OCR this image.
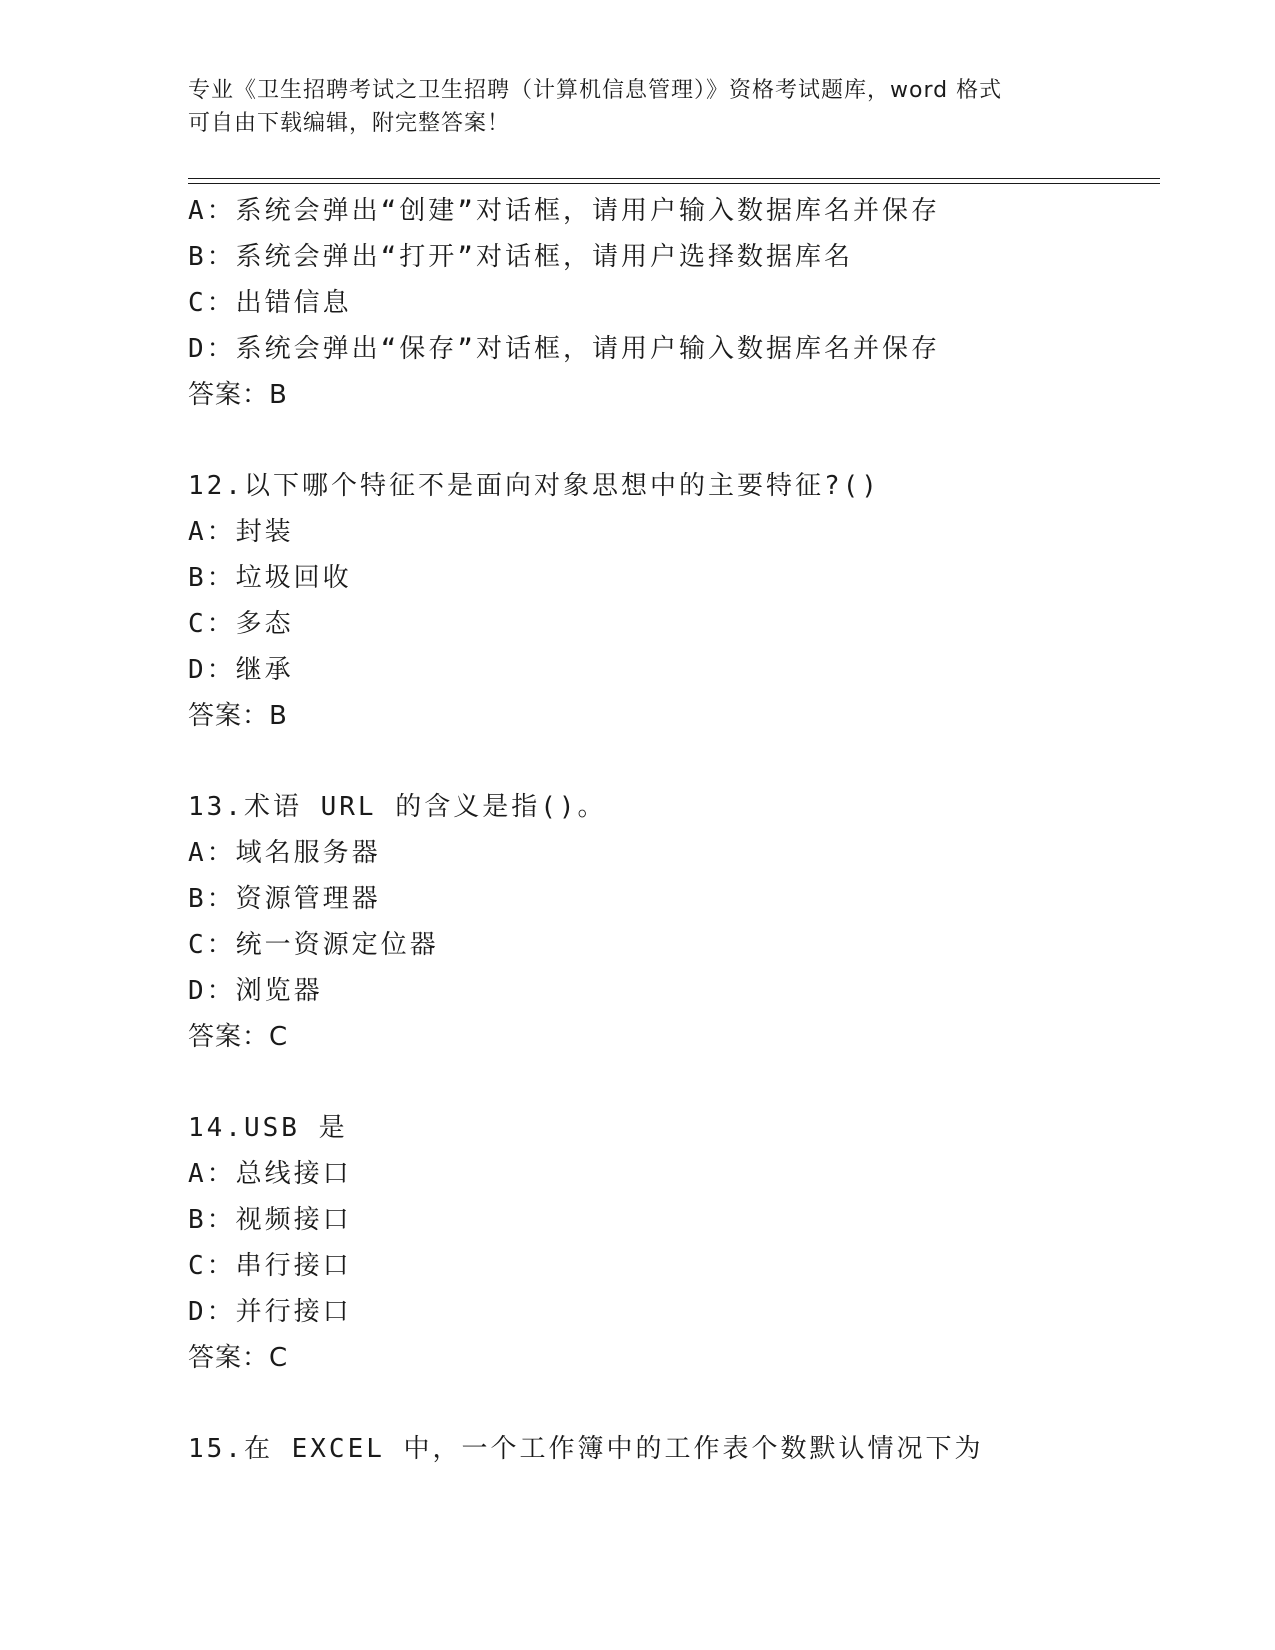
专业《卫生招聘考试之卫生招聘（计算机信息管理）》资格考试题库，word 格式
可自由下载编辑，附完整答案！
A：系统会弹出“创建”对话框，请用户输入数据库名并保存
B：系统会弹出“打开”对话框，请用户选择数据库名
C：出错信息
D：系统会弹出“保存”对话框，请用户输入数据库名并保存
答案：B
12.以下哪个特征不是面向对象思想中的主要特征?()
A：封装
B：垃圾回收
C：多态
D：继承
答案：B
13.术语 URL 的含义是指()。
A：域名服务器
B：资源管理器
C：统一资源定位器
D：浏览器
答案：C
14.USB 是
A：总线接口
B：视频接口
C：串行接口
D：并行接口
答案：C
15.在 EXCEL 中，一个工作簿中的工作表个数默认情况下为
